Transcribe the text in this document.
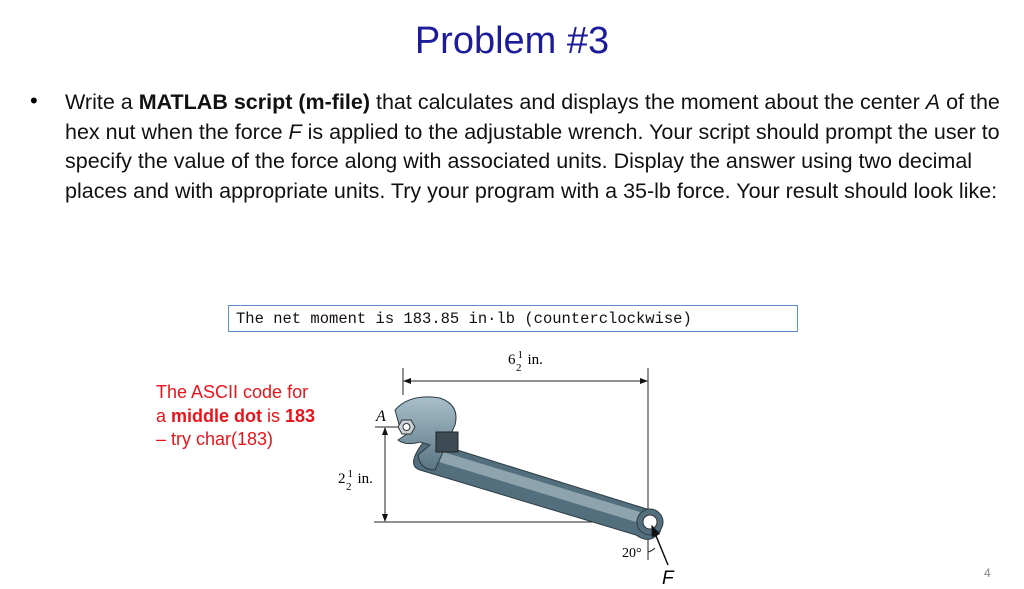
Problem #3
• Write a MATLAB script (m-file) that calculates and displays the moment about the center A of the hex nut when the force F is applied to the adjustable wrench. Your script should prompt the user to specify the value of the force along with associated units. Display the answer using two decimal places and with appropriate units. Try your program with a 35-lb force. Your result should look like:
The net moment is 183.85 in·lb (counterclockwise)
The ASCII code for
a middle dot is 183
– try char(183)
6 $^1$ 2 in.
2 $^1$ 2 in.
A
20°
F	4
